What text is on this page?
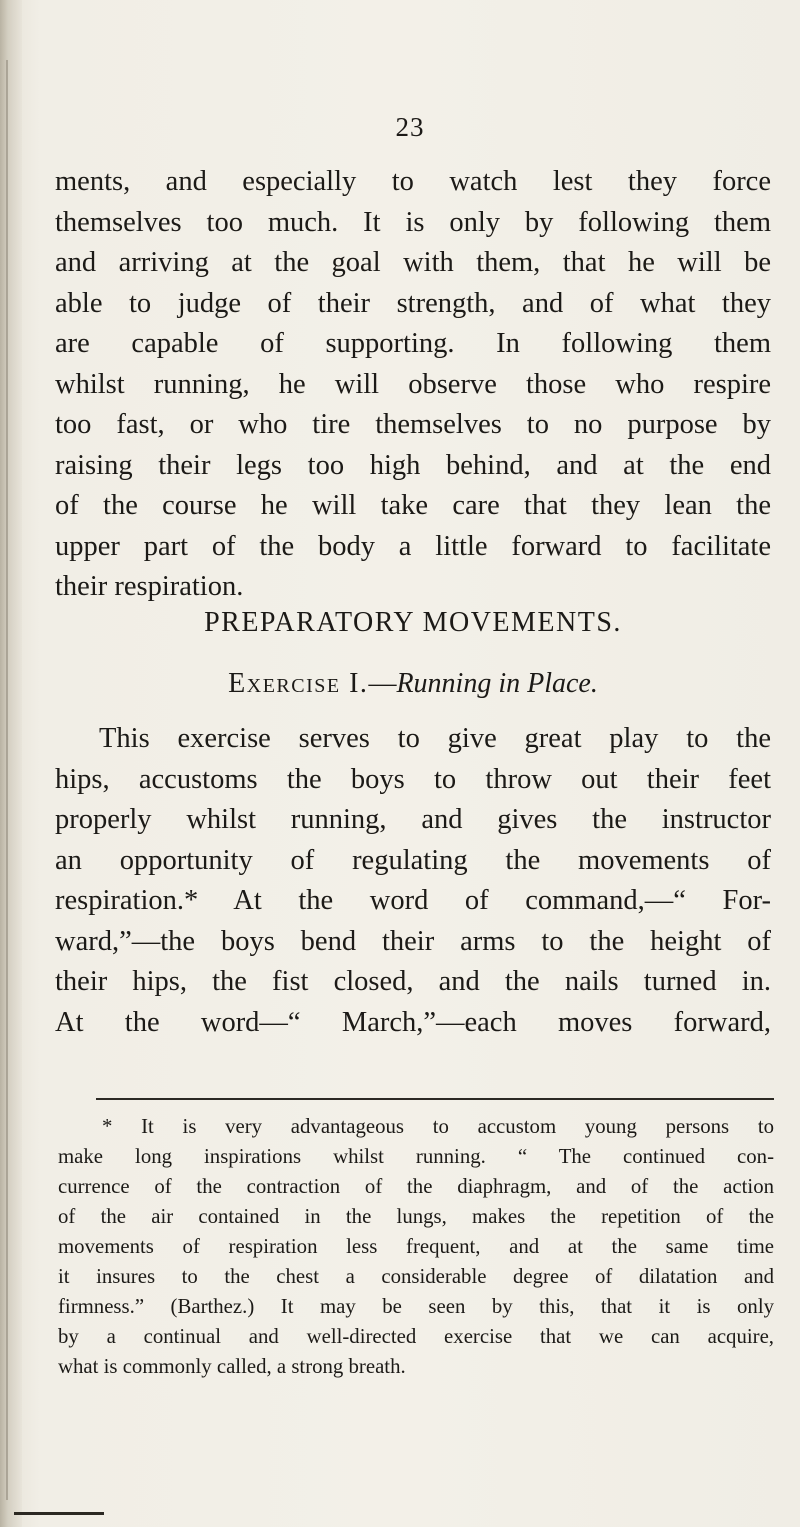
23
ments, and especially to watch lest they force
themselves too much. It is only by following them
and arriving at the goal with them, that he will be
able to judge of their strength, and of what they
are capable of supporting. In following them
whilst running, he will observe those who respire
too fast, or who tire themselves to no purpose by
raising their legs too high behind, and at the end
of the course he will take care that they lean the
upper part of the body a little forward to facilitate
their respiration.
PREPARATORY MOVEMENTS.
Exercise I.—Running in Place.
This exercise serves to give great play to the
hips, accustoms the boys to throw out their feet
properly whilst running, and gives the instructor
an opportunity of regulating the movements of
respiration.* At the word of command,—“ For-
ward,”—the boys bend their arms to the height of
their hips, the fist closed, and the nails turned in.
At the word—“ March,”—each moves forward,
* It is very advantageous to accustom young persons to
make long inspirations whilst running. “ The continued con-
currence of the contraction of the diaphragm, and of the action
of the air contained in the lungs, makes the repetition of the
movements of respiration less frequent, and at the same time
it insures to the chest a considerable degree of dilatation and
firmness.” (Barthez.) It may be seen by this, that it is only
by a continual and well-directed exercise that we can acquire,
what is commonly called, a strong breath.
